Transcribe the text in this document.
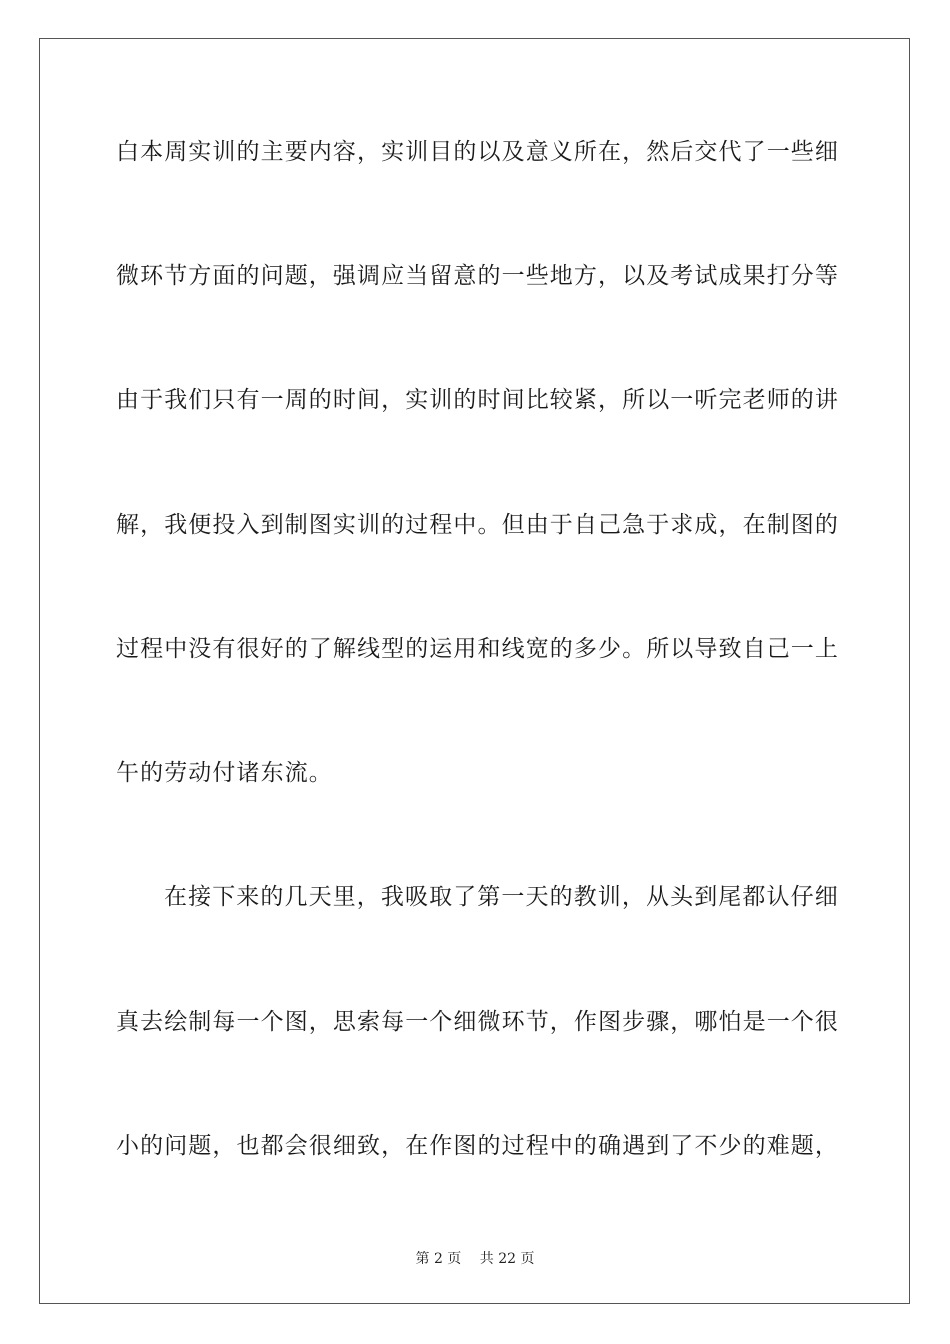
白本周实训的主要内容，实训目的以及意义所在，然后交代了一些细
微环节方面的问题，强调应当留意的一些地方，以及考试成果打分等
由于我们只有一周的时间，实训的时间比较紧，所以一听完老师的讲
解，我便投入到制图实训的过程中。但由于自己急于求成，在制图的
过程中没有很好的了解线型的运用和线宽的多少。所以导致自己一上
午的劳动付诸东流。
在接下来的几天里，我吸取了第一天的教训，从头到尾都认仔细
真去绘制每一个图，思索每一个细微环节，作图步骤，哪怕是一个很
小的问题，也都会很细致，在作图的过程中的确遇到了不少的难题，
第 2 页 共 22 页
